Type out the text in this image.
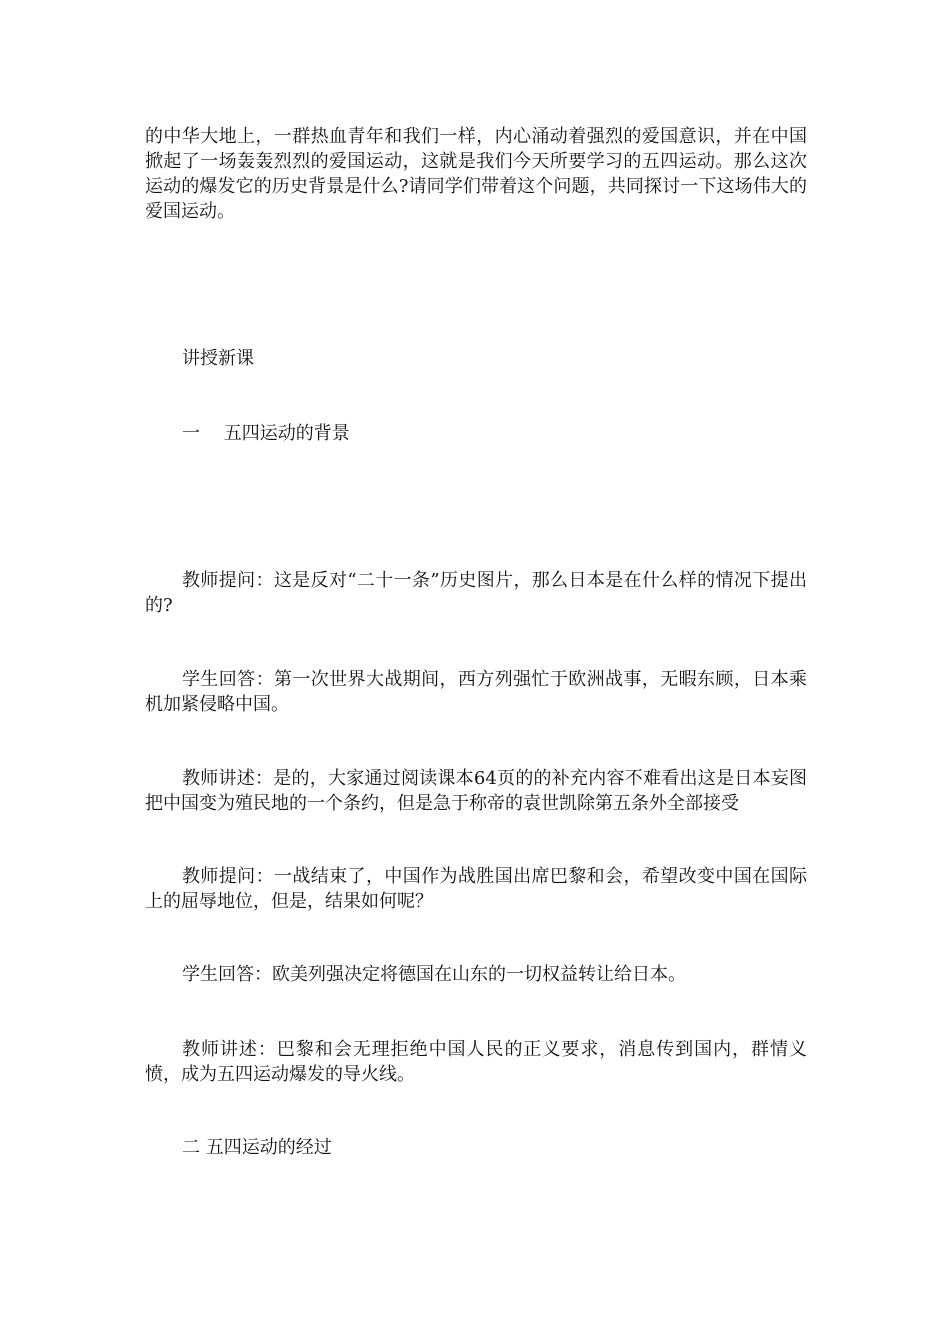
的中华大地上，一群热血青年和我们一样，内心涌动着强烈的爱国意识，并在中国掀起了一场轰轰烈烈的爱国运动，这就是我们今天所要学习的五四运动。那么这次运动的爆发它的历史背景是什么?请同学们带着这个问题，共同探讨一下这场伟大的爱国运动。

讲授新课

一　 五四运动的背景

教师提问：这是反对“二十一条”历史图片，那么日本是在什么样的情况下提出的?

学生回答：第一次世界大战期间，西方列强忙于欧洲战事，无暇东顾，日本乘机加紧侵略中国。

教师讲述：是的，大家通过阅读课本64页的的补充内容不难看出这是日本妄图把中国变为殖民地的一个条约，但是急于称帝的袁世凯除第五条外全部接受

教师提问：一战结束了，中国作为战胜国出席巴黎和会，希望改变中国在国际上的屈辱地位，但是，结果如何呢？

学生回答：欧美列强决定将德国在山东的一切权益转让给日本。

教师讲述：巴黎和会无理拒绝中国人民的正义要求，消息传到国内，群情义愤，成为五四运动爆发的导火线。

二 五四运动的经过
